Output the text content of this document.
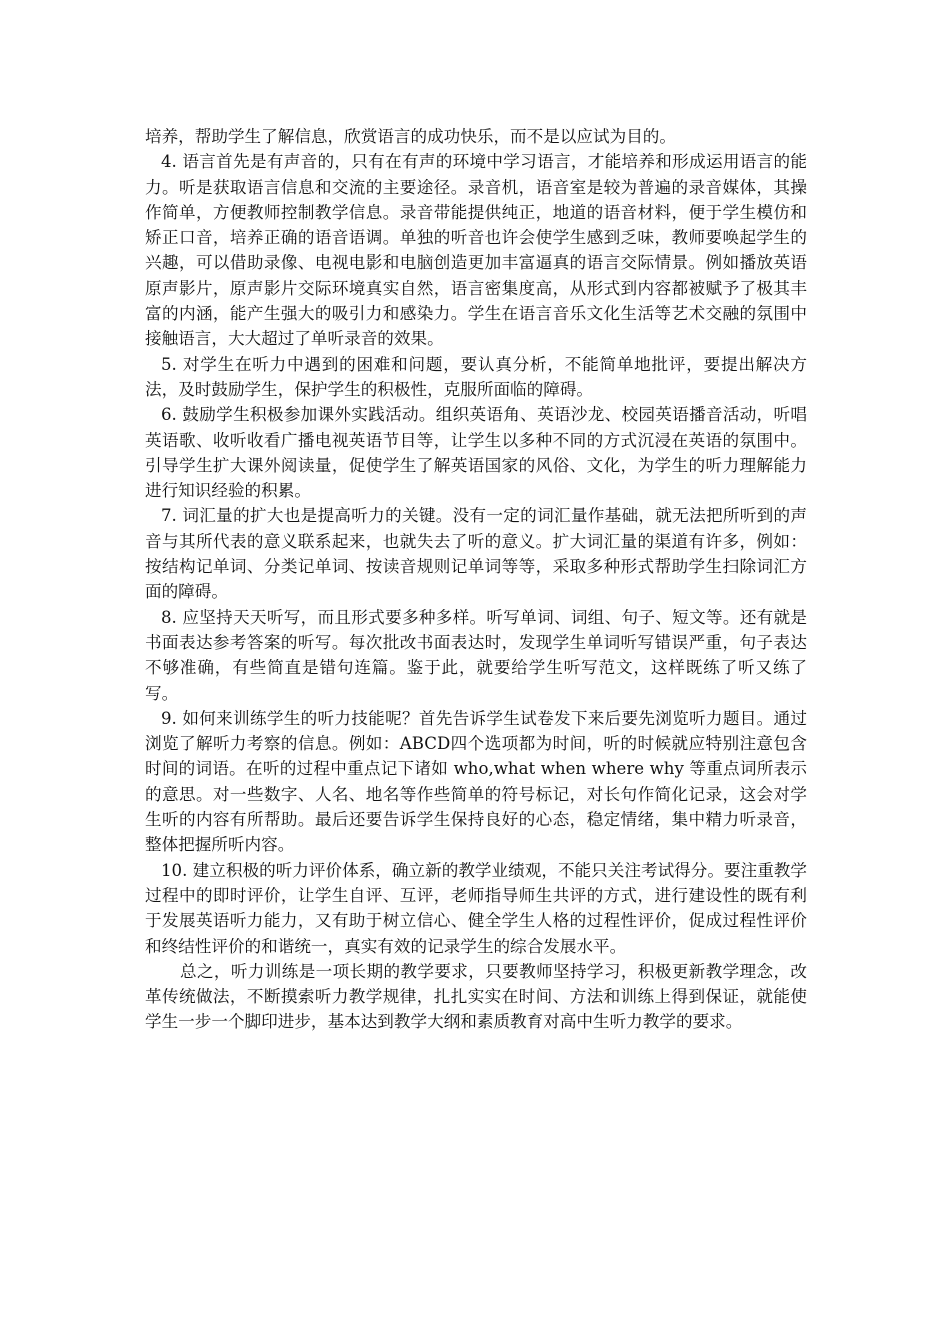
培养，帮助学生了解信息，欣赏语言的成功快乐，而不是以应试为目的。

4. 语言首先是有声音的，只有在有声的环境中学习语言，才能培养和形成运用语言的能力。听是获取语言信息和交流的主要途径。录音机，语音室是较为普遍的录音媒体，其操作简单，方便教师控制教学信息。录音带能提供纯正，地道的语音材料，便于学生模仿和矫正口音，培养正确的语音语调。单独的听音也许会使学生感到乏味，教师要唤起学生的兴趣，可以借助录像、电视电影和电脑创造更加丰富逼真的语言交际情景。例如播放英语原声影片，原声影片交际环境真实自然，语言密集度高，从形式到内容都被赋予了极其丰富的内涵，能产生强大的吸引力和感染力。学生在语言音乐文化生活等艺术交融的氛围中接触语言，大大超过了单听录音的效果。

5. 对学生在听力中遇到的困难和问题，要认真分析，不能简单地批评，要提出解决方法，及时鼓励学生，保护学生的积极性，克服所面临的障碍。

6. 鼓励学生积极参加课外实践活动。组织英语角、英语沙龙、校园英语播音活动，听唱英语歌、收听收看广播电视英语节目等，让学生以多种不同的方式沉浸在英语的氛围中。引导学生扩大课外阅读量，促使学生了解英语国家的风俗、文化，为学生的听力理解能力进行知识经验的积累。

7. 词汇量的扩大也是提高听力的关键。没有一定的词汇量作基础，就无法把所听到的声音与其所代表的意义联系起来，也就失去了听的意义。扩大词汇量的渠道有许多，例如：按结构记单词、分类记单词、按读音规则记单词等等，采取多种形式帮助学生扫除词汇方面的障碍。

8. 应坚持天天听写，而且形式要多种多样。听写单词、词组、句子、短文等。还有就是书面表达参考答案的听写。每次批改书面表达时，发现学生单词听写错误严重，句子表达不够准确，有些简直是错句连篇。鉴于此，就要给学生听写范文，这样既练了听又练了写。

9. 如何来训练学生的听力技能呢？首先告诉学生试卷发下来后要先浏览听力题目。通过浏览了解听力考察的信息。例如：ABCD四个选项都为时间，听的时候就应特别注意包含时间的词语。在听的过程中重点记下诸如 who,what when where why 等重点词所表示的意思。对一些数字、人名、地名等作些简单的符号标记，对长句作简化记录，这会对学生听的内容有所帮助。最后还要告诉学生保持良好的心态，稳定情绪，集中精力听录音，整体把握所听内容。

10. 建立积极的听力评价体系，确立新的教学业绩观，不能只关注考试得分。要注重教学过程中的即时评价，让学生自评、互评，老师指导师生共评的方式，进行建设性的既有利于发展英语听力能力，又有助于树立信心、健全学生人格的过程性评价，促成过程性评价和终结性评价的和谐统一，真实有效的记录学生的综合发展水平。

总之，听力训练是一项长期的教学要求，只要教师坚持学习，积极更新教学理念，改革传统做法，不断摸索听力教学规律，扎扎实实在时间、方法和训练上得到保证，就能使学生一步一个脚印进步，基本达到教学大纲和素质教育对高中生听力教学的要求。
